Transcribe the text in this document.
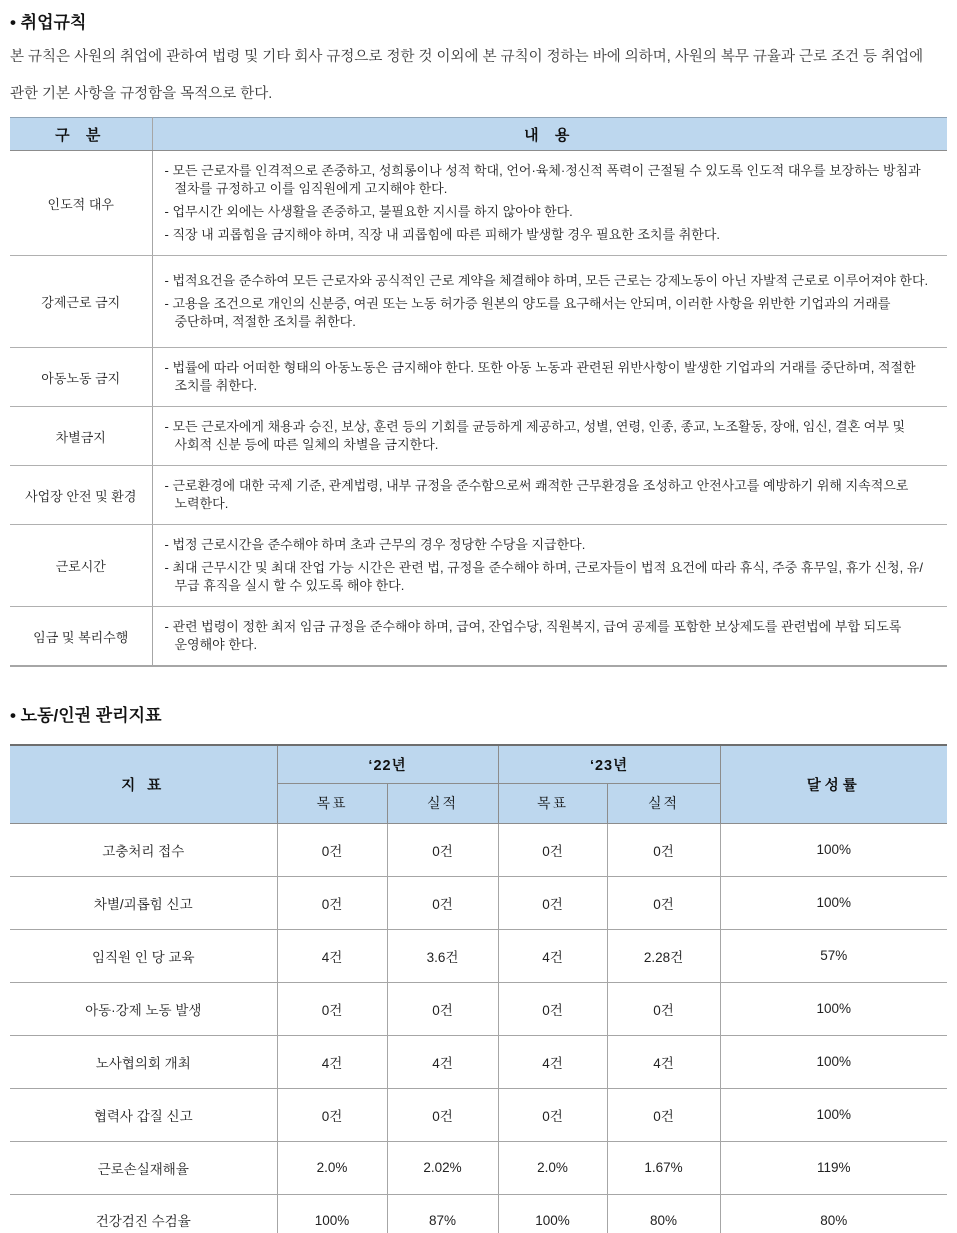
• 취업규칙
본 규칙은 사원의 취업에 관하여 법령 및 기타 회사 규정으로 정한 것 이외에 본 규칙이 정하는 바에 의하며, 사원의 복무 규율과 근로 조건 등 취업에 관한 기본 사항을 규정함을 목적으로 한다.
구 분	내 용
인도적 대우	- 모든 근로자를 인격적으로 존중하고, 성희롱이나 성적 학대, 언어·육체·정신적 폭력이 근절될 수 있도록 인도적 대우를 보장하는 방침과 절차를 규정하고 이를 임직원에게 고지해야 한다.
- 업무시간 외에는 사생활을 존중하고, 불필요한 지시를 하지 않아야 한다.
- 직장 내 괴롭힘을 금지해야 하며, 직장 내 괴롭힘에 따른 피해가 발생할 경우 필요한 조치를 취한다.

강제근로 금지	- 법적요건을 준수하여 모든 근로자와 공식적인 근로 계약을 체결해야 하며, 모든 근로는 강제노동이 아닌 자발적 근로로 이루어져야 한다.
- 고용을 조건으로 개인의 신분증, 여권 또는 노동 허가증 원본의 양도를 요구해서는 안되며, 이러한 사항을 위반한 기업과의 거래를 중단하며, 적절한 조치를 취한다.

아동노동 금지	- 법률에 따라 어떠한 형태의 아동노동은 금지해야 한다. 또한 아동 노동과 관련된 위반사항이 발생한 기업과의 거래를 중단하며, 적절한 조치를 취한다.

차별금지	- 모든 근로자에게 채용과 승진, 보상, 훈련 등의 기회를 균등하게 제공하고, 성별, 연령, 인종, 종교, 노조활동, 장애, 임신, 결혼 여부 및 사회적 신분 등에 따른 일체의 차별을 금지한다.

사업장 안전 및 환경	- 근로환경에 대한 국제 기준, 관계법령, 내부 규정을 준수함으로써 쾌적한 근무환경을 조성하고 안전사고를 예방하기 위해 지속적으로 노력한다.

근로시간	- 법정 근로시간을 준수해야 하며 초과 근무의 경우 정당한 수당을 지급한다.
- 최대 근무시간 및 최대 잔업 가능 시간은 관련 법, 규정을 준수해야 하며, 근로자들이 법적 요건에 따라 휴식, 주중 휴무일, 휴가 신청, 유/무급 휴직을 실시 할 수 있도록 해야 한다.

임금 및 복리수행	- 관련 법령이 정한 최저 임금 규정을 준수해야 하며, 급여, 잔업수당, 직원복지, 급여 공제를 포함한 보상제도를 관련법에 부합 되도록 운영해야 한다.
• 노동/인권 관리지표
지 표	‘22년		‘23년		달성률
	목표	실적	목표	실적	
고충처리 접수	0건	0건	0건	0건	100%
차별/괴롭힘 신고	0건	0건	0건	0건	100%
임직원 인 당 교육	4건	3.6건	4건	2.28건	57%
아동·강제 노동 발생	0건	0건	0건	0건	100%
노사협의회 개최	4건	4건	4건	4건	100%
협력사 갑질 신고	0건	0건	0건	0건	100%
근로손실재해율	2.0%	2.02%	2.0%	1.67%	119%
건강검진 수검율	100%	87%	100%	80%	80%
